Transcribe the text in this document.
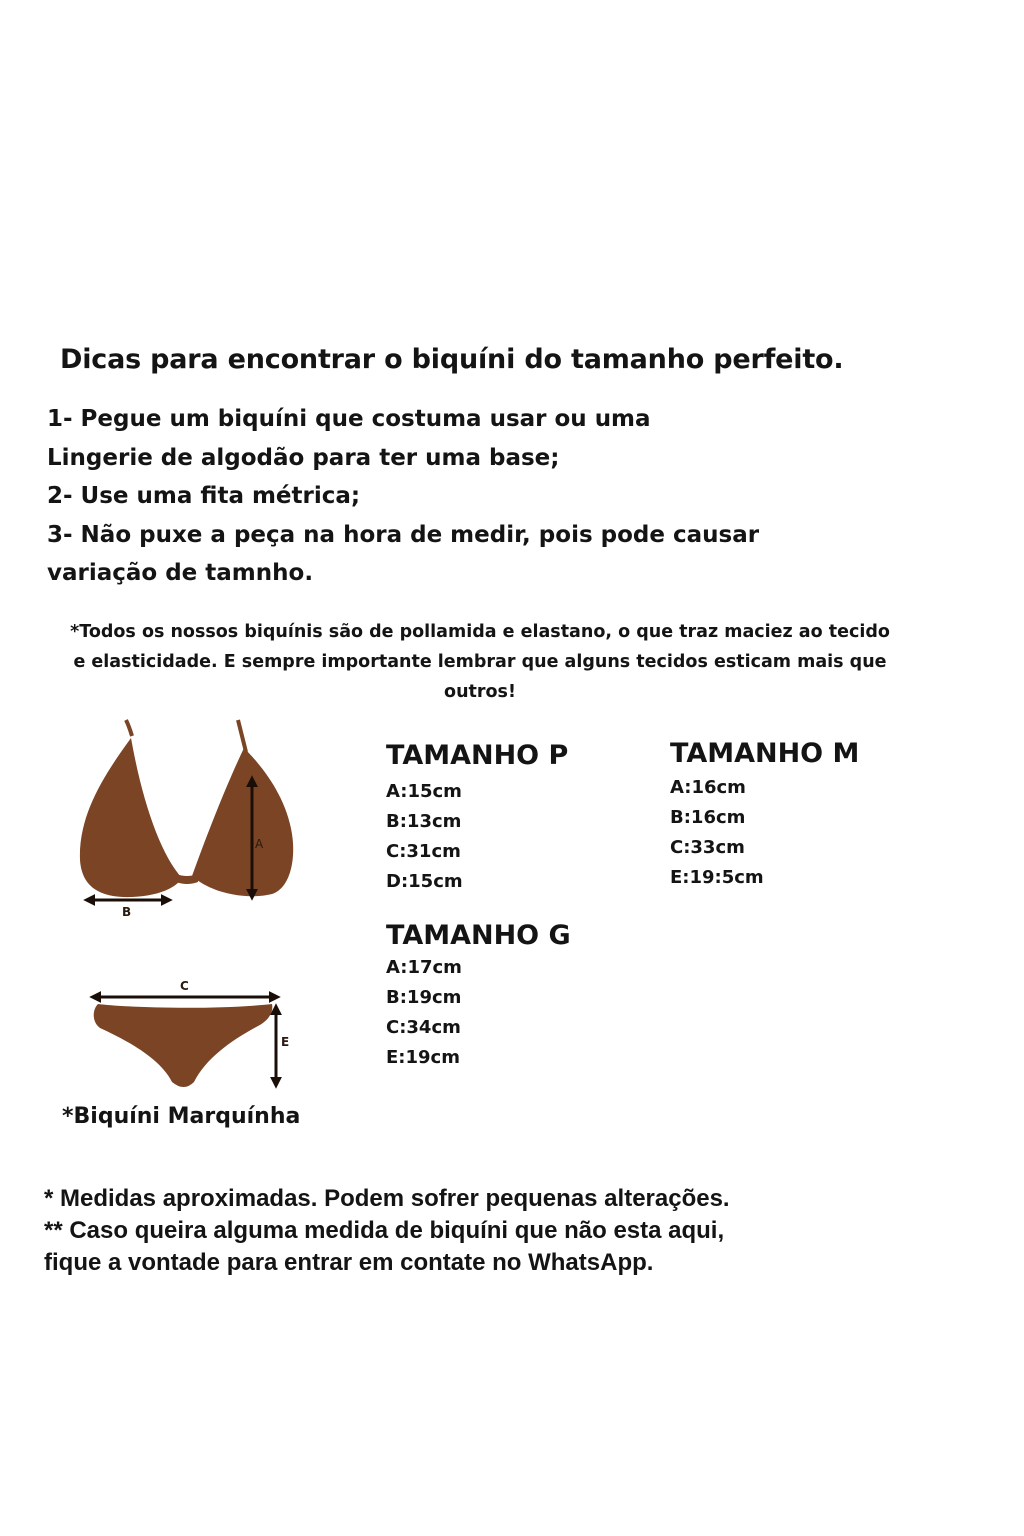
Dicas para encontrar o biquíni do tamanho perfeito.
1- Pegue um biquíni que costuma usar ou uma
Lingerie de algodão para ter uma base;
2- Use uma fita métrica;
3- Não puxe a peça na hora de medir, pois pode causar
variação de tamnho.
*Todos os nossos biquínis são de pollamida e elastano, o que traz maciez ao tecido
e elasticidade. E sempre importante lembrar que alguns tecidos esticam mais que
outros!
A
B
C
E
*Biquíni Marquínha
TAMANHO P
A:15cm
B:13cm
C:31cm
D:15cm
TAMANHO M
A:16cm
B:16cm
C:33cm
E:19:5cm
TAMANHO G
A:17cm
B:19cm
C:34cm
E:19cm
* Medidas aproximadas. Podem sofrer pequenas alterações.
** Caso queira alguma medida de biquíni que não esta aqui,
fique a vontade para entrar em contate no WhatsApp.
